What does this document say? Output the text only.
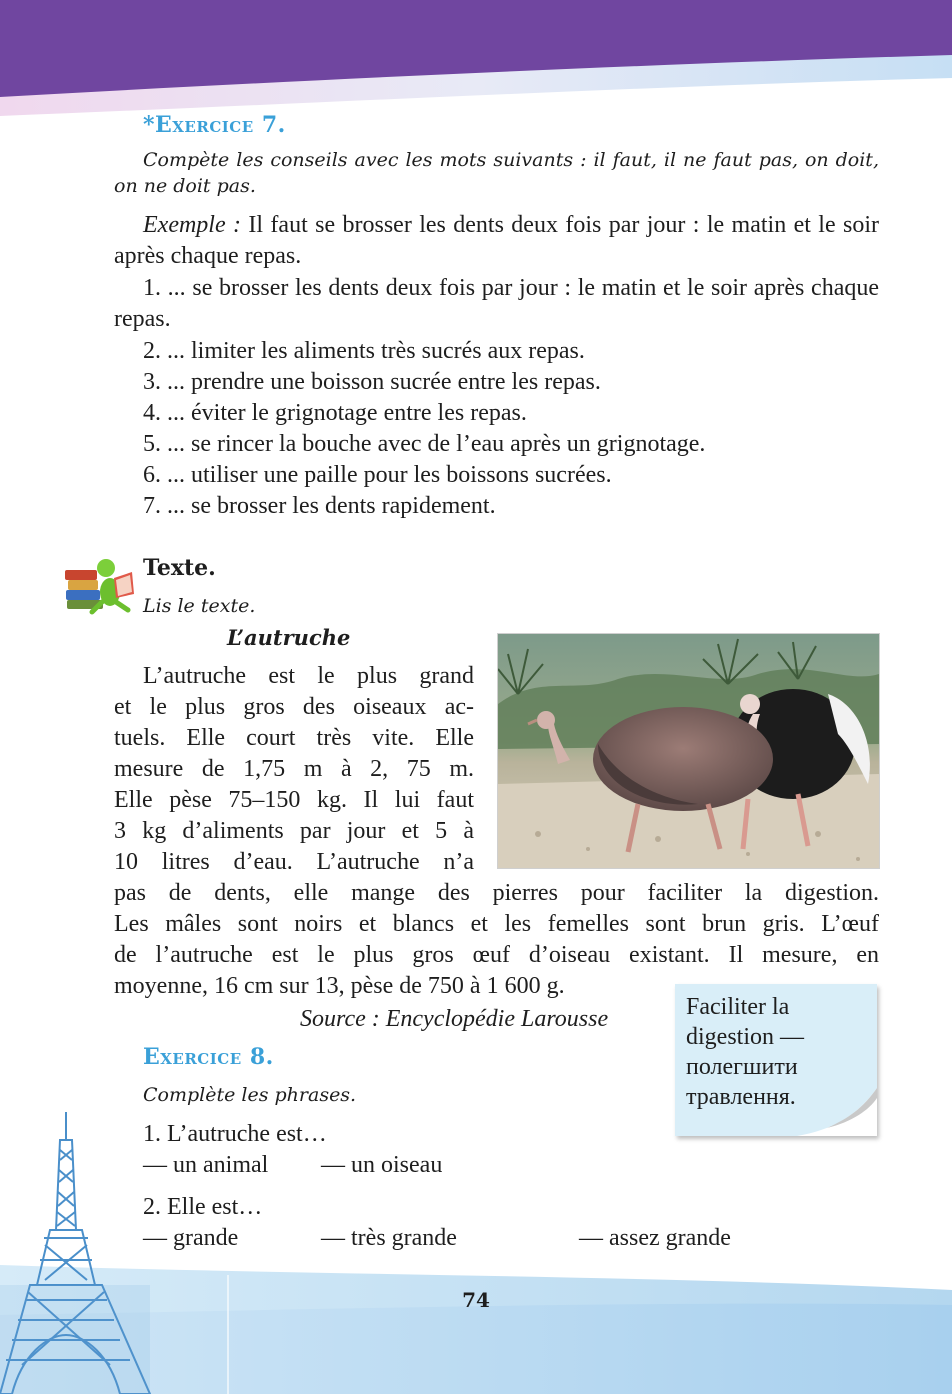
*Exercice 7.
Compète les conseils avec les mots suivants : il faut, il ne faut pas, on doit, on ne doit pas.
Exemple : Il faut se brosser les dents deux fois par jour : le matin et le soir après chaque repas.
1. ... se brosser les dents deux fois par jour : le matin et le soir après chaque repas.
2. ... limiter les aliments très sucrés aux repas.
3. ... prendre une boisson sucrée entre les repas.
4. ... éviter le grignotage entre les repas.
5. ... se rincer la bouche avec de l’eau après un grignotage.
6. ... utiliser une paille pour les boissons sucrées.
7. ... se brosser les dents rapidement.
Texte.
Lis le texte.
L’autruche
L’autruche est le plus grand
et le plus gros des oiseaux ac-
tuels. Elle court très vite. Elle
mesure de 1,75 m à 2, 75 m.
Elle pèse 75–150 kg. Il lui faut
3 kg d’aliments par jour et 5 à
10 litres d’eau. L’autruche n’a
pas de dents, elle mange des pierres pour faciliter la digestion.
Les mâles sont noirs et blancs et les femelles sont brun gris. L’œuf
de l’autruche est le plus gros œuf d’oiseau existant. Il mesure, en
moyenne, 16 cm sur 13, pèse de 750 à 1 600 g.
Source : Encyclopédie Larousse	Faciliter la digestion — полегшити травлення.
Exercice 8.
Complète les phrases.
1. L’autruche est…
— un animal — un oiseau
2. Elle est…
— grande	— très grande	— assez grande
74
